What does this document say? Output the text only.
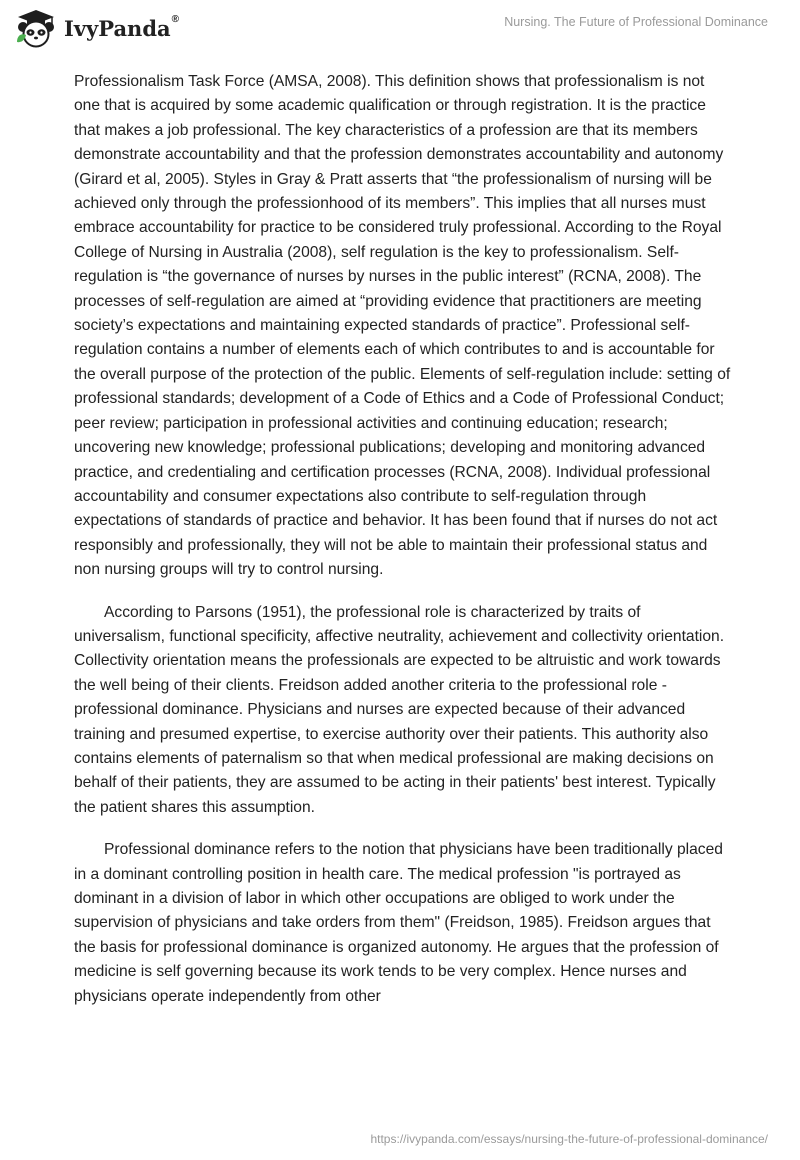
IvyPanda®	Nursing. The Future of Professional Dominance

Professionalism Task Force (AMSA, 2008). This definition shows that professionalism is not one that is acquired by some academic qualification or through registration. It is the practice that makes a job professional. The key characteristics of a profession are that its members demonstrate accountability and that the profession demonstrates accountability and autonomy (Girard et al, 2005). Styles in Gray & Pratt asserts that “the professionalism of nursing will be achieved only through the professionhood of its members”. This implies that all nurses must embrace accountability for practice to be considered truly professional. According to the Royal College of Nursing in Australia (2008), self regulation is the key to professionalism. Self-regulation is “the governance of nurses by nurses in the public interest” (RCNA, 2008). The processes of self-regulation are aimed at “providing evidence that practitioners are meeting society’s expectations and maintaining expected standards of practice”. Professional self-regulation contains a number of elements each of which contributes to and is accountable for the overall purpose of the protection of the public. Elements of self-regulation include: setting of professional standards; development of a Code of Ethics and a Code of Professional Conduct; peer review; participation in professional activities and continuing education; research; uncovering new knowledge; professional publications; developing and monitoring advanced practice, and credentialing and certification processes (RCNA, 2008). Individual professional accountability and consumer expectations also contribute to self-regulation through expectations of standards of practice and behavior. It has been found that if nurses do not act responsibly and professionally, they will not be able to maintain their professional status and non nursing groups will try to control nursing.

According to Parsons (1951), the professional role is characterized by traits of universalism, functional specificity, affective neutrality, achievement and collectivity orientation. Collectivity orientation means the professionals are expected to be altruistic and work towards the well being of their clients. Freidson added another criteria to the professional role - professional dominance. Physicians and nurses are expected because of their advanced training and presumed expertise, to exercise authority over their patients. This authority also contains elements of paternalism so that when medical professional are making decisions on behalf of their patients, they are assumed to be acting in their patients' best interest. Typically the patient shares this assumption.

Professional dominance refers to the notion that physicians have been traditionally placed in a dominant controlling position in health care. The medical profession "is portrayed as dominant in a division of labor in which other occupations are obliged to work under the supervision of physicians and take orders from them" (Freidson, 1985). Freidson argues that the basis for professional dominance is organized autonomy. He argues that the profession of medicine is self governing because its work tends to be very complex. Hence nurses and physicians operate independently from other

https://ivypanda.com/essays/nursing-the-future-of-professional-dominance/
